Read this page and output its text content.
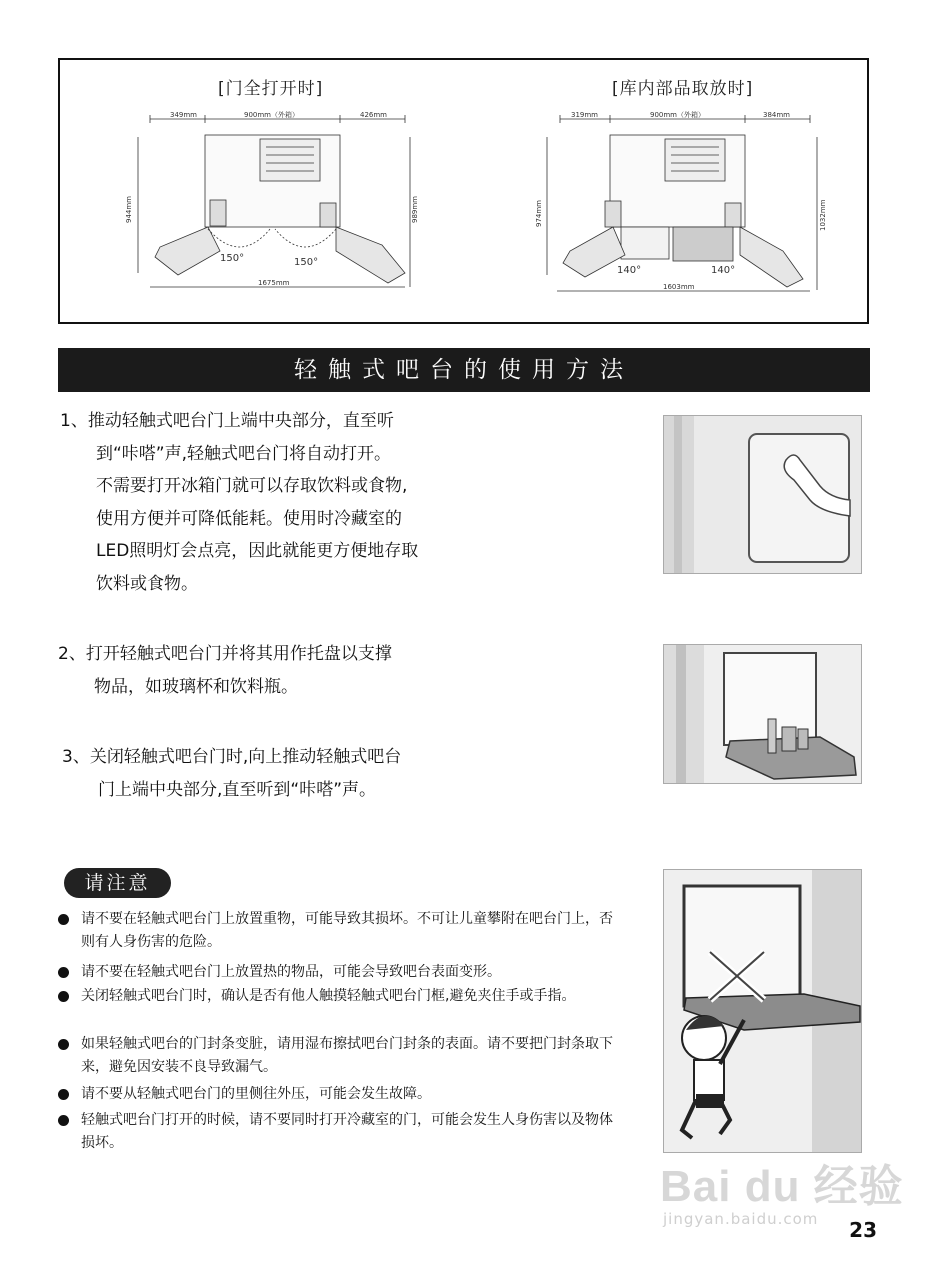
[门全打开时]	[库内部品取放时]
349mm	900mm（外箱）	426mm
944mm	989mm
150°	150°
1675mm
319mm	900mm（外箱）	384mm
974mm	1032mm
140°	140°
1603mm
轻触式吧台的使用方法

1、推动轻触式吧台门上端中央部分，直至听

到“咔嗒”声,轻触式吧台门将自动打开。

不需要打开冰箱门就可以存取饮料或食物,

使用方便并可降低能耗。使用时冷藏室的

LED照明灯会点亮，因此就能更方便地存取

饮料或食物。

2、打开轻触式吧台门并将其用作托盘以支撑

物品，如玻璃杯和饮料瓶。

3、关闭轻触式吧台门时,向上推动轻触式吧台

门上端中央部分,直至听到“咔嗒”声。

请注意
请不要在轻触式吧台门上放置重物，可能导致其损坏。不可让儿童攀附在吧台门上，否则有人身伤害的危险。
请不要在轻触式吧台门上放置热的物品，可能会导致吧台表面变形。
关闭轻触式吧台门时，确认是否有他人触摸轻触式吧台门框,避免夹住手或手指。
如果轻触式吧台的门封条变脏，请用湿布擦拭吧台门封条的表面。请不要把门封条取下来，避免因安装不良导致漏气。
请不要从轻触式吧台门的里侧往外压，可能会发生故障。
轻触式吧台门打开的时候，请不要同时打开冷藏室的门，可能会发生人身伤害以及物体损坏。
Bai du 经验
jingyan.baidu.com 23
